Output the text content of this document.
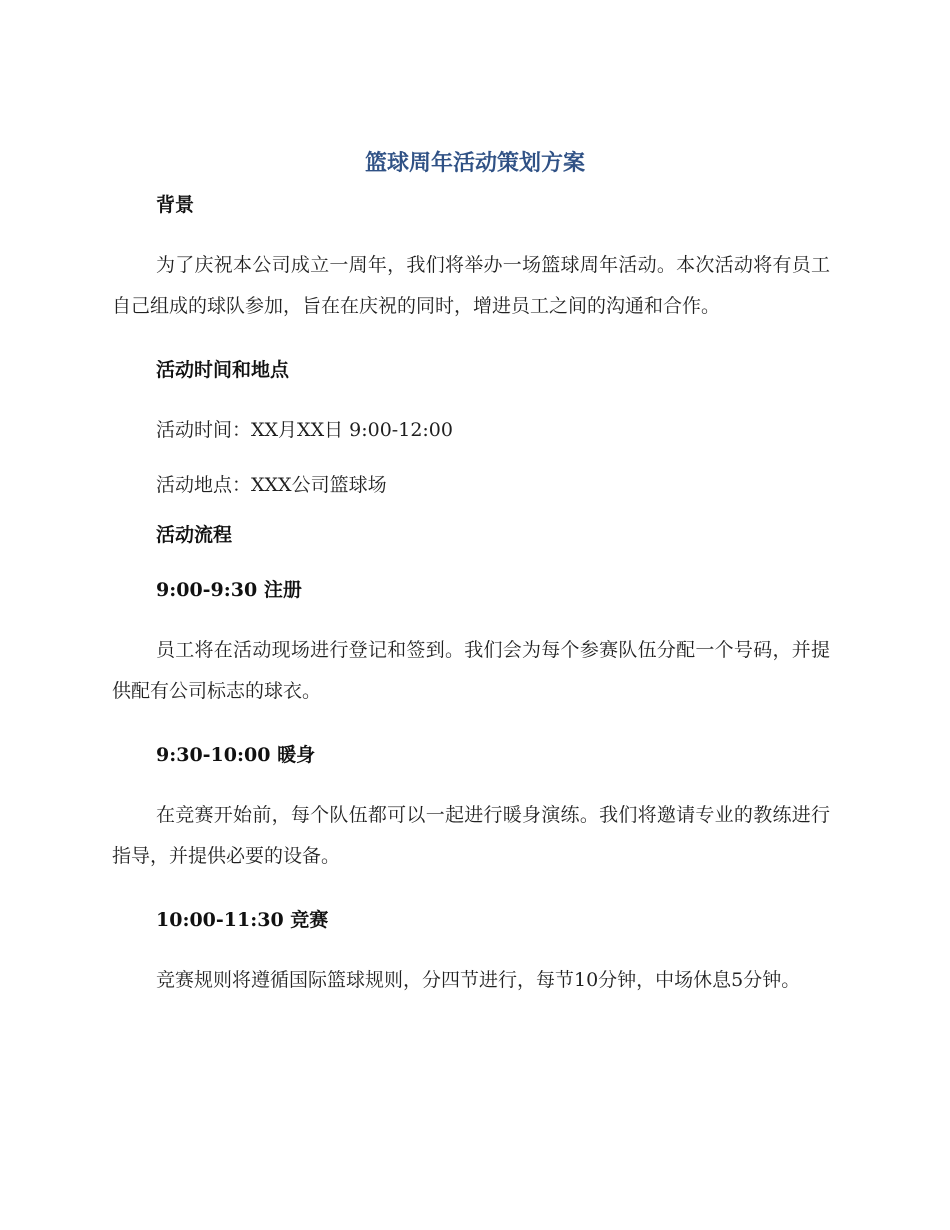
篮球周年活动策划方案
背景

为了庆祝本公司成立一周年，我们将举办一场篮球周年活动。本次活动将有员工自己组成的球队参加，旨在在庆祝的同时，增进员工之间的沟通和合作。

活动时间和地点

活动时间：XX月XX日 9:00-12:00

活动地点：XXX公司篮球场

活动流程
9:00-9:30 注册

员工将在活动现场进行登记和签到。我们会为每个参赛队伍分配一个号码，并提供配有公司标志的球衣。

9:30-10:00 暖身

在竞赛开始前，每个队伍都可以一起进行暖身演练。我们将邀请专业的教练进行指导，并提供必要的设备。

10:00-11:30 竞赛

竞赛规则将遵循国际篮球规则，分四节进行，每节10分钟，中场休息5分钟。
